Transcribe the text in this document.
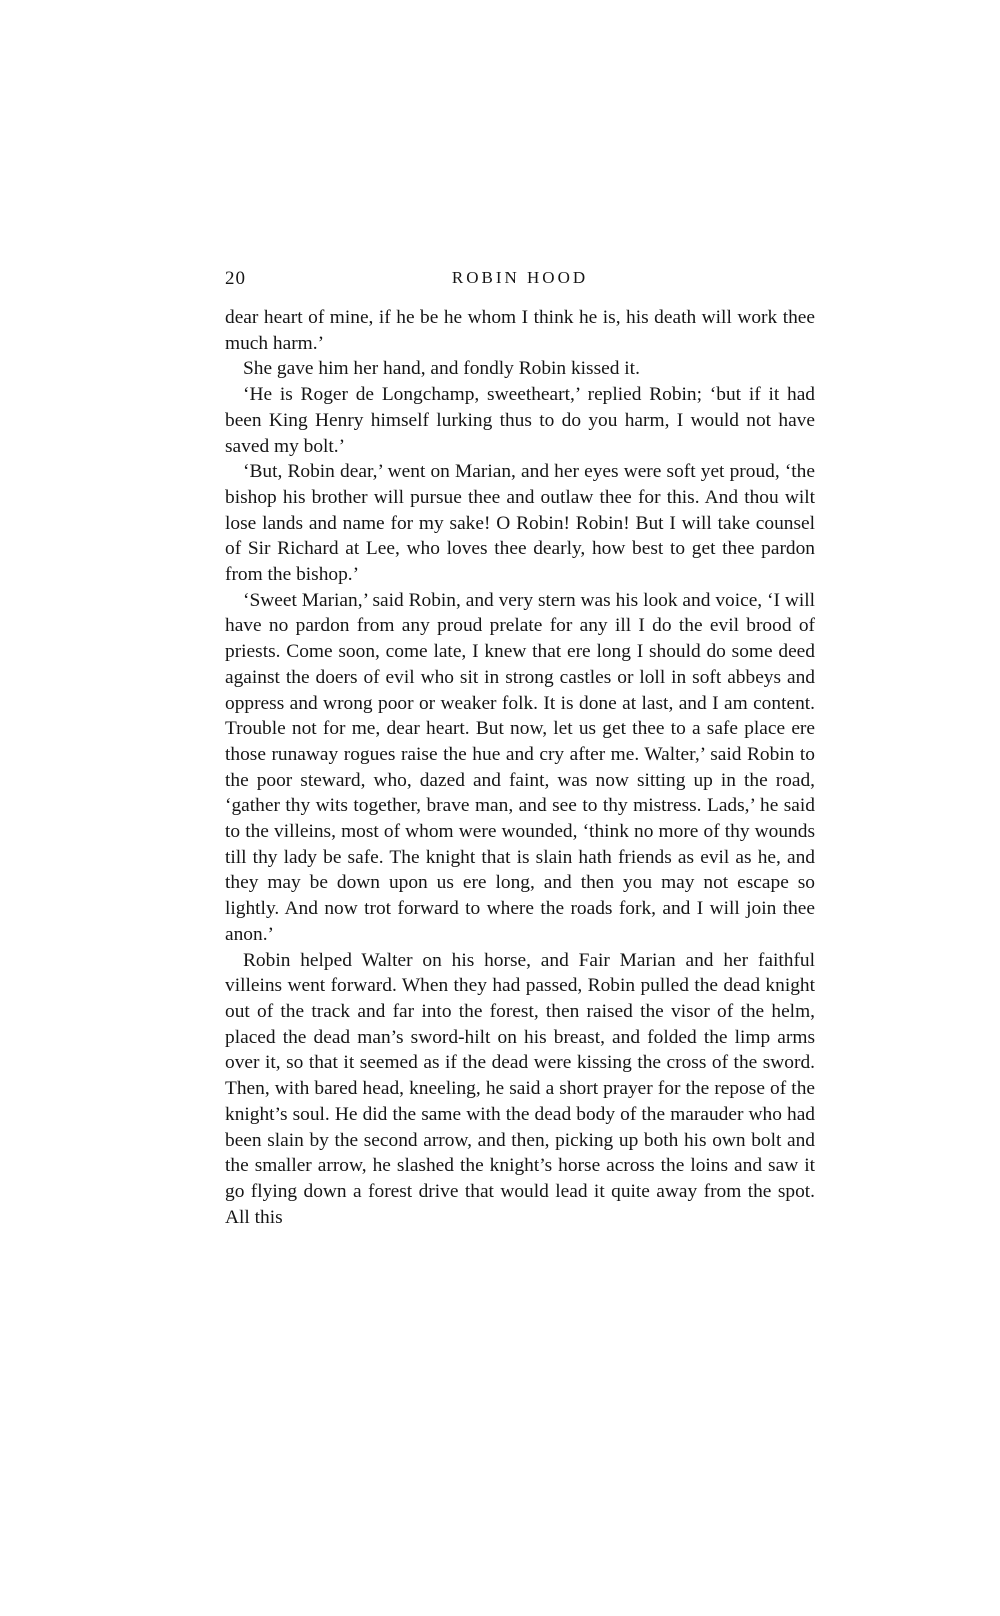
20	ROBIN HOOD

dear heart of mine, if he be he whom I think he is, his death will work thee much harm.’

She gave him her hand, and fondly Robin kissed it.

‘He is Roger de Longchamp, sweetheart,’ replied Robin; ‘but if it had been King Henry himself lurking thus to do you harm, I would not have saved my bolt.’

‘But, Robin dear,’ went on Marian, and her eyes were soft yet proud, ‘the bishop his brother will pursue thee and outlaw thee for this. And thou wilt lose lands and name for my sake! O Robin! Robin! But I will take counsel of Sir Richard at Lee, who loves thee dearly, how best to get thee pardon from the bishop.’

‘Sweet Marian,’ said Robin, and very stern was his look and voice, ‘I will have no pardon from any proud prelate for any ill I do the evil brood of priests. Come soon, come late, I knew that ere long I should do some deed against the doers of evil who sit in strong castles or loll in soft abbeys and oppress and wrong poor or weaker folk. It is done at last, and I am content. Trouble not for me, dear heart. But now, let us get thee to a safe place ere those runaway rogues raise the hue and cry after me. Walter,’ said Robin to the poor steward, who, dazed and faint, was now sitting up in the road, ‘gather thy wits together, brave man, and see to thy mistress. Lads,’ he said to the villeins, most of whom were wounded, ‘think no more of thy wounds till thy lady be safe. The knight that is slain hath friends as evil as he, and they may be down upon us ere long, and then you may not escape so lightly. And now trot forward to where the roads fork, and I will join thee anon.’

Robin helped Walter on his horse, and Fair Marian and her faithful villeins went forward. When they had passed, Robin pulled the dead knight out of the track and far into the forest, then raised the visor of the helm, placed the dead man’s sword-hilt on his breast, and folded the limp arms over it, so that it seemed as if the dead were kissing the cross of the sword. Then, with bared head, kneeling, he said a short prayer for the repose of the knight’s soul. He did the same with the dead body of the marauder who had been slain by the second arrow, and then, picking up both his own bolt and the smaller arrow, he slashed the knight’s horse across the loins and saw it go flying down a forest drive that would lead it quite away from the spot. All this
